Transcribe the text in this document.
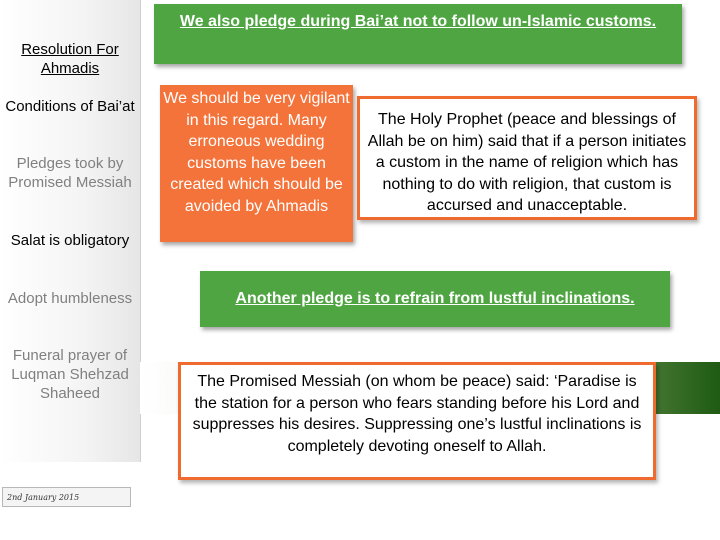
Resolution For Ahmadis
Conditions of Bai’at
Pledges took by Promised Messiah
Salat is obligatory
Adopt humbleness
Funeral prayer of Luqman Shehzad Shaheed
2nd January 2015
We also pledge during Bai’at not to follow un-Islamic customs.
We should be very vigilant in this regard. Many erroneous wedding customs have been created which should be avoided by Ahmadis
The Holy Prophet (peace and blessings of Allah be on him) said that if a person initiates a custom in the name of religion which has nothing to do with religion, that custom is accursed and unacceptable.
Another pledge is to refrain from lustful inclinations.
The Promised Messiah (on whom be peace) said: ‘Paradise is the station for a person who fears standing before his Lord and suppresses his desires. Suppressing one’s lustful inclinations is completely devoting oneself to Allah.
